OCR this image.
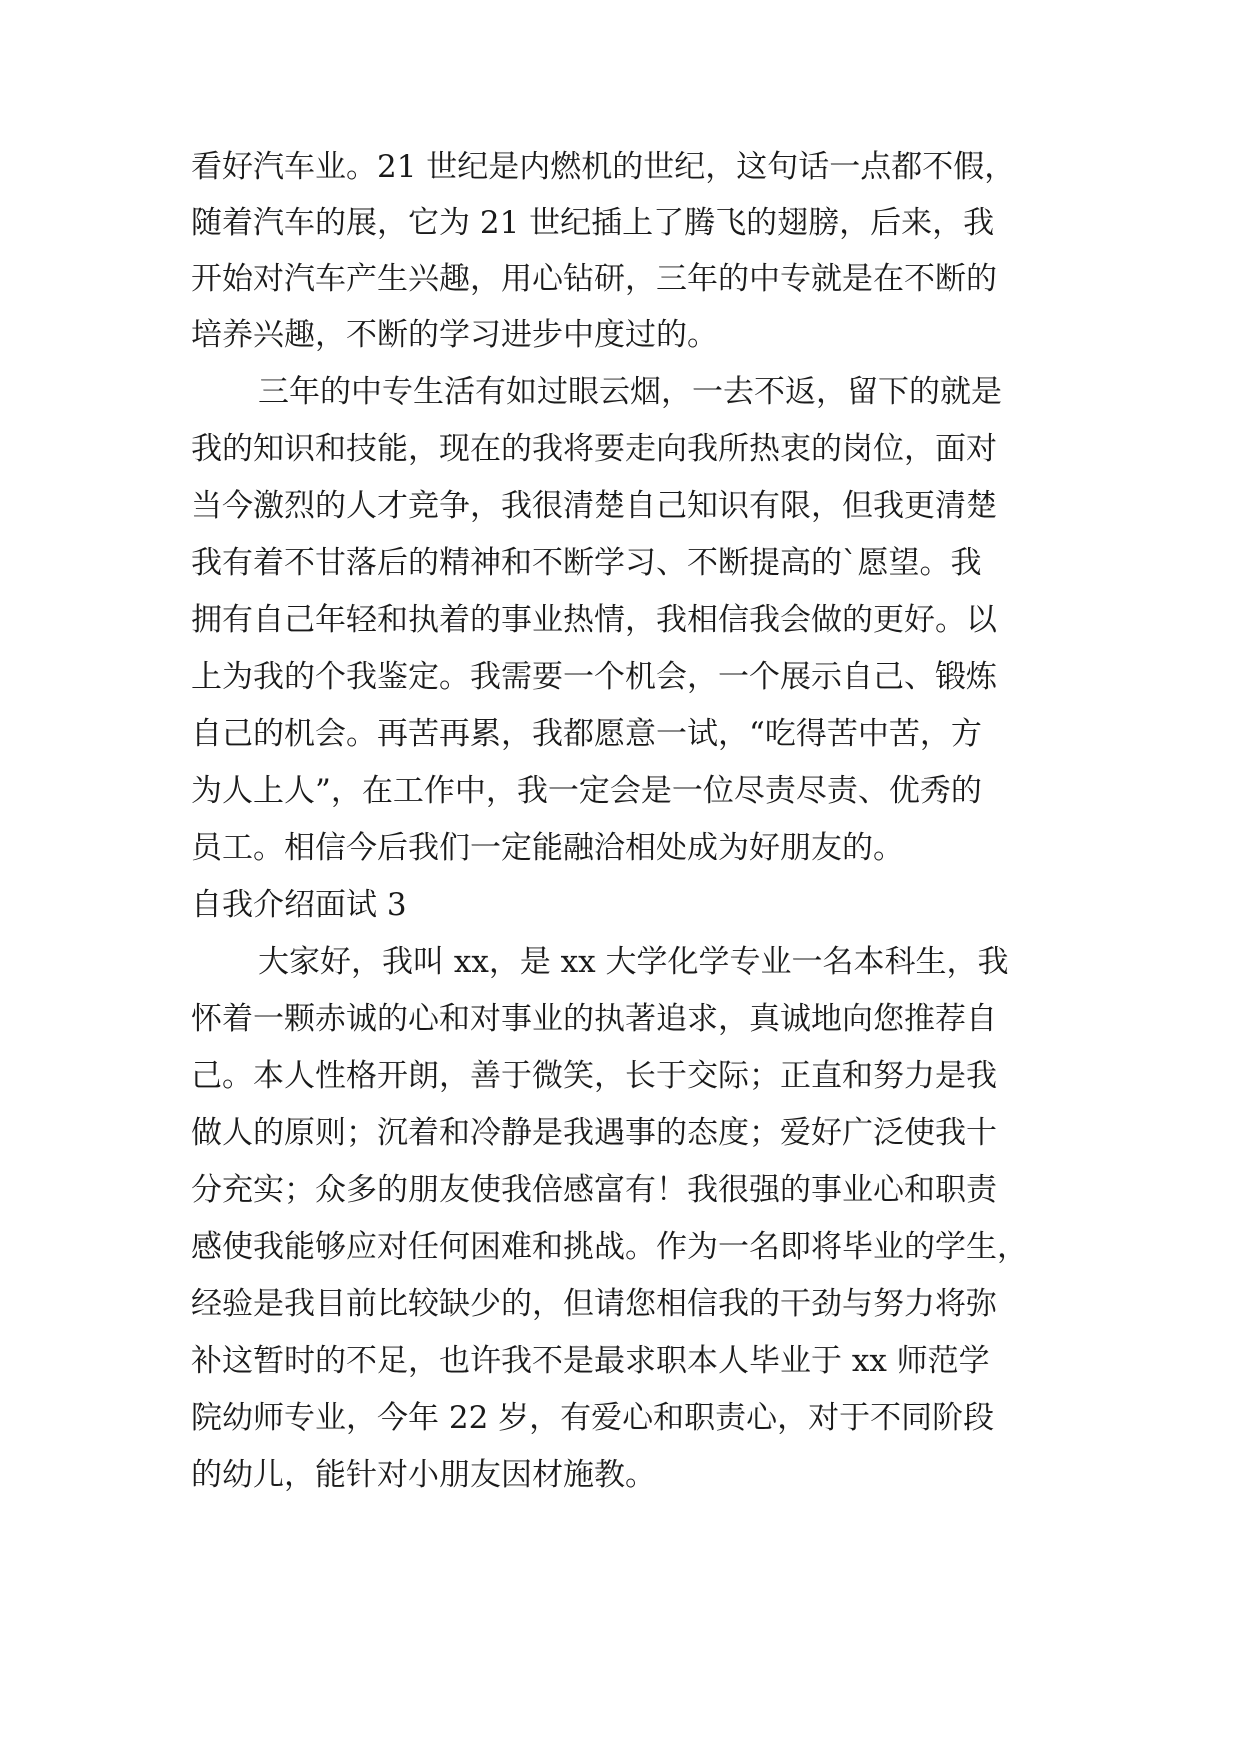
看好汽车业。21 世纪是内燃机的世纪，这句话一点都不假，
随着汽车的展，它为 21 世纪插上了腾飞的翅膀，后来，我
开始对汽车产生兴趣，用心钻研，三年的中专就是在不断的
培养兴趣，不断的学习进步中度过的。
三年的中专生活有如过眼云烟，一去不返，留下的就是
我的知识和技能，现在的我将要走向我所热衷的岗位，面对
当今激烈的人才竞争，我很清楚自己知识有限，但我更清楚
我有着不甘落后的精神和不断学习、不断提高的`愿望。我
拥有自己年轻和执着的事业热情，我相信我会做的更好。以
上为我的个我鉴定。我需要一个机会，一个展示自己、锻炼
自己的机会。再苦再累，我都愿意一试，“吃得苦中苦，方
为人上人”，在工作中，我一定会是一位尽责尽责、优秀的
员工。相信今后我们一定能融洽相处成为好朋友的。
自我介绍面试 3
大家好，我叫 xx，是 xx 大学化学专业一名本科生，我
怀着一颗赤诚的心和对事业的执著追求，真诚地向您推荐自
己。本人性格开朗，善于微笑，长于交际；正直和努力是我
做人的原则；沉着和冷静是我遇事的态度；爱好广泛使我十
分充实；众多的朋友使我倍感富有！我很强的事业心和职责
感使我能够应对任何困难和挑战。作为一名即将毕业的学生，
经验是我目前比较缺少的，但请您相信我的干劲与努力将弥
补这暂时的不足，也许我不是最求职本人毕业于 xx 师范学
院幼师专业，今年 22 岁，有爱心和职责心，对于不同阶段
的幼儿，能针对小朋友因材施教。
